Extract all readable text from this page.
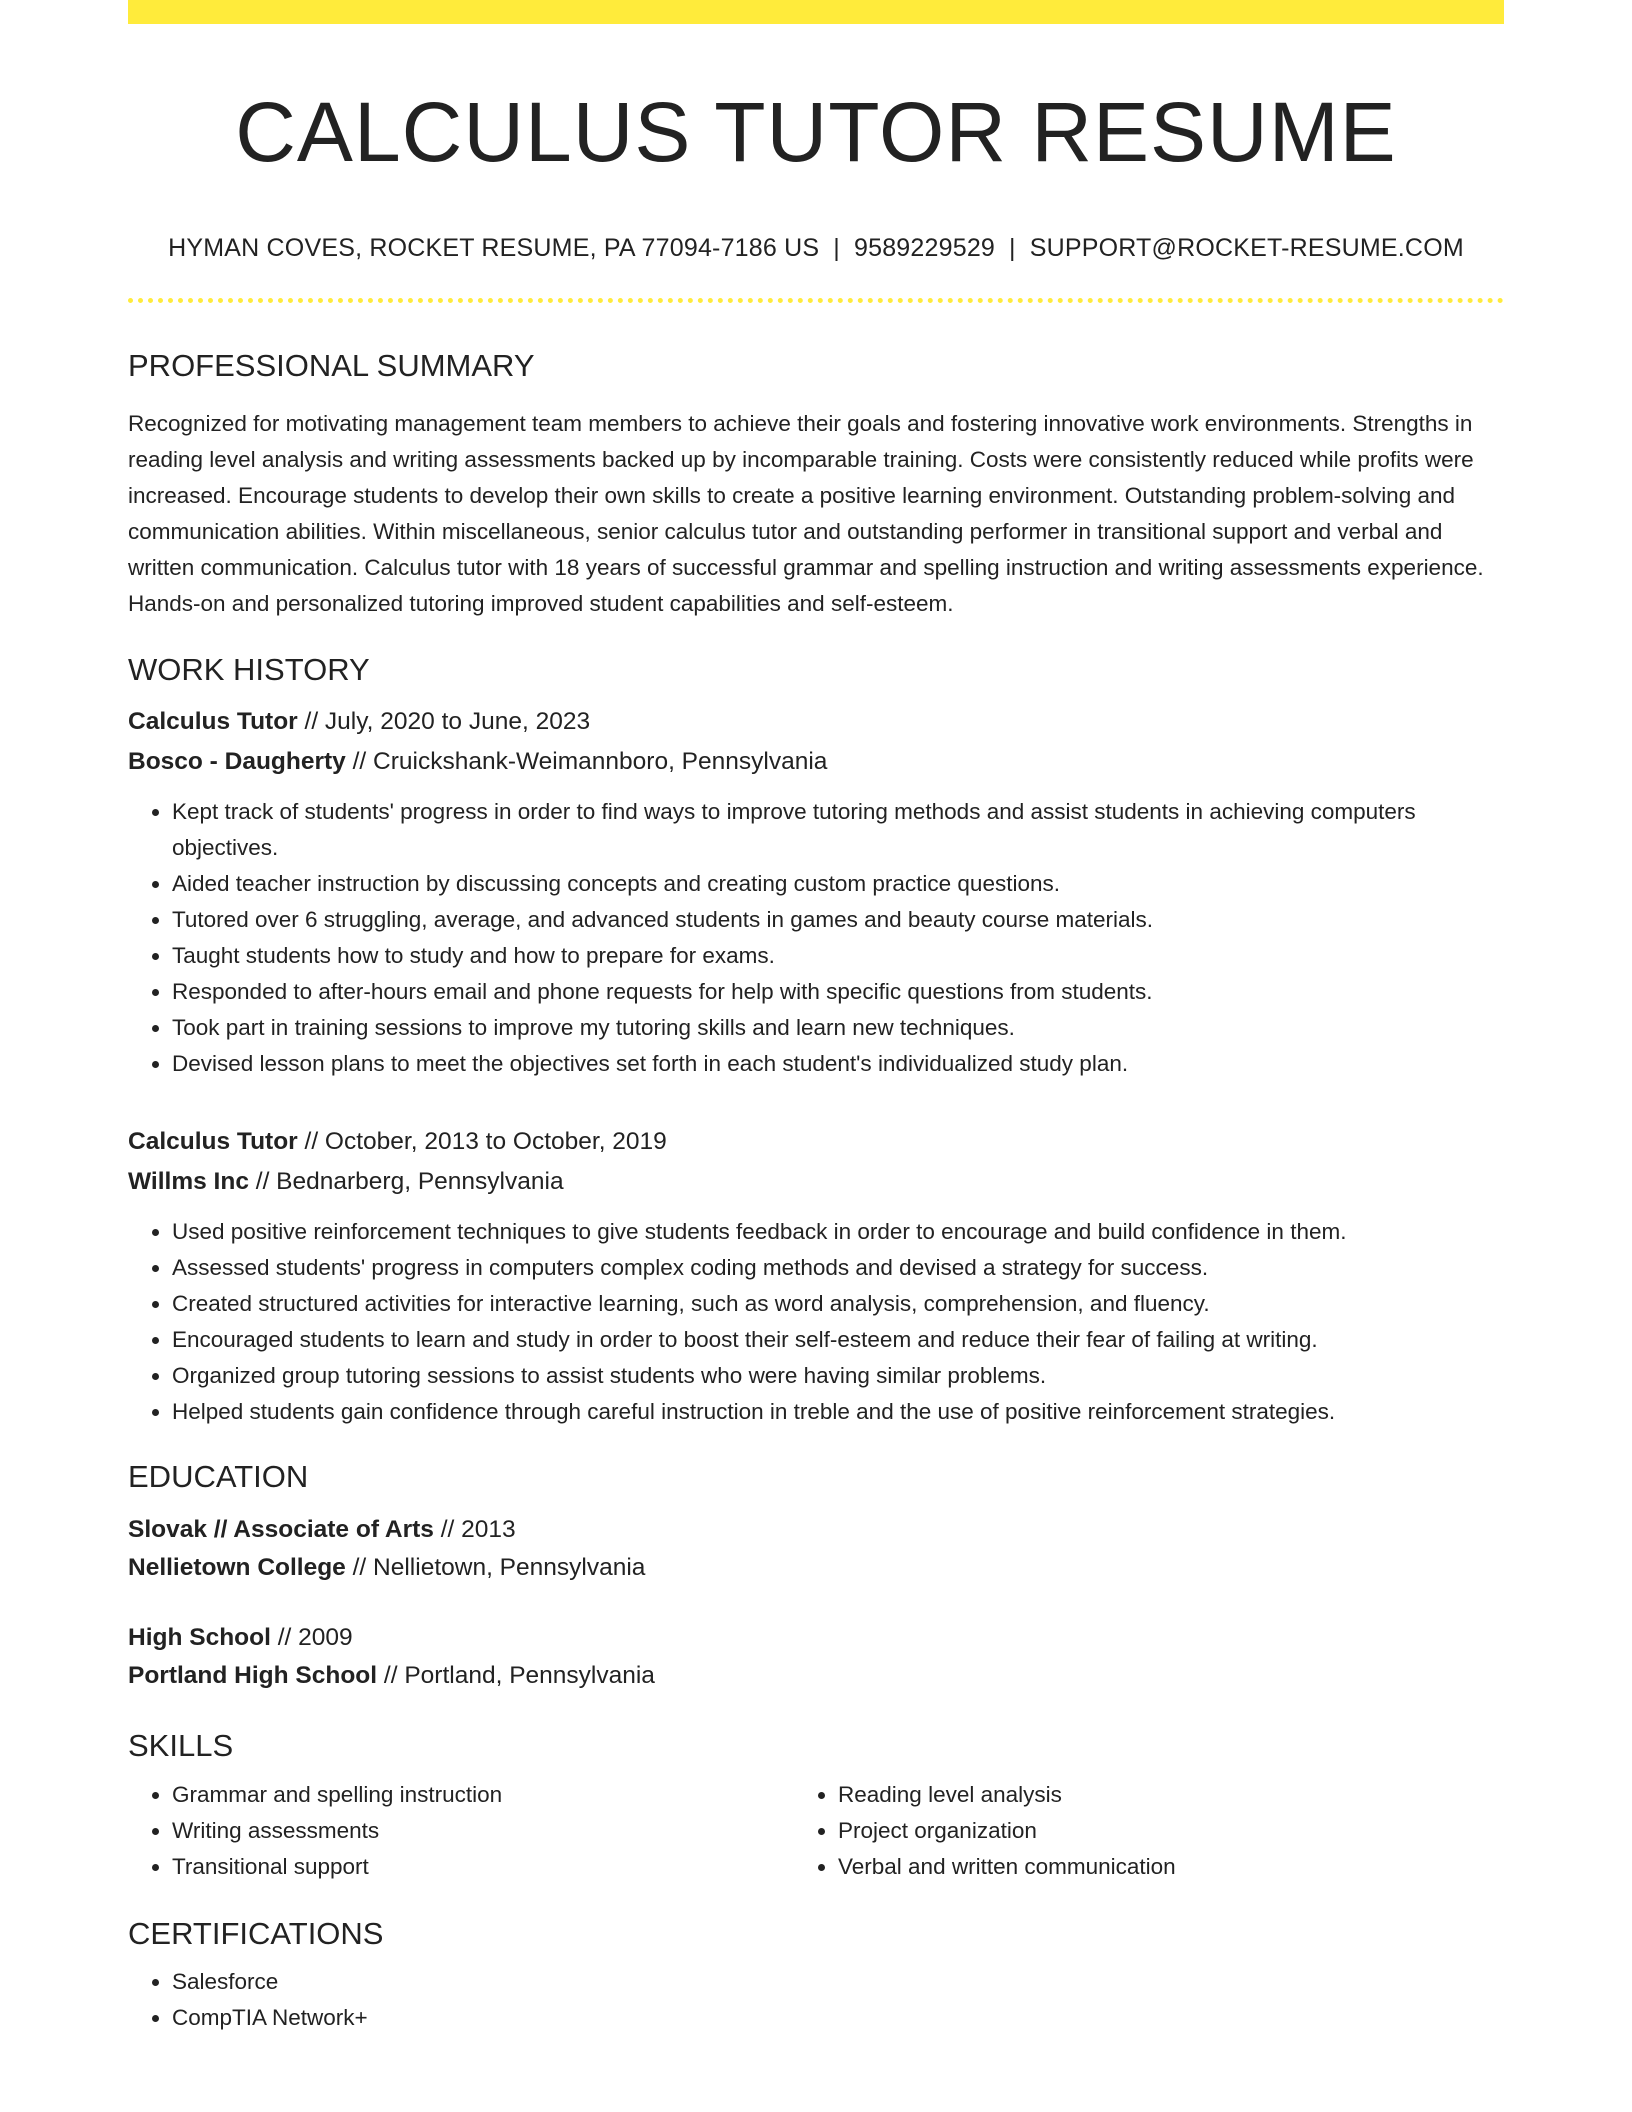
CALCULUS TUTOR RESUME
HYMAN COVES, ROCKET RESUME, PA 77094-7186 US | 9589229529 | SUPPORT@ROCKET-RESUME.COM
PROFESSIONAL SUMMARY
Recognized for motivating management team members to achieve their goals and fostering innovative work environments. Strengths in reading level analysis and writing assessments backed up by incomparable training. Costs were consistently reduced while profits were increased. Encourage students to develop their own skills to create a positive learning environment. Outstanding problem-solving and communication abilities. Within miscellaneous, senior calculus tutor and outstanding performer in transitional support and verbal and written communication. Calculus tutor with 18 years of successful grammar and spelling instruction and writing assessments experience. Hands-on and personalized tutoring improved student capabilities and self-esteem.
WORK HISTORY
Calculus Tutor // July, 2020 to June, 2023
Bosco - Daugherty // Cruickshank-Weimannboro, Pennsylvania
• Kept track of students' progress in order to find ways to improve tutoring methods and assist students in achieving computers objectives.
• Aided teacher instruction by discussing concepts and creating custom practice questions.
• Tutored over 6 struggling, average, and advanced students in games and beauty course materials.
• Taught students how to study and how to prepare for exams.
• Responded to after-hours email and phone requests for help with specific questions from students.
• Took part in training sessions to improve my tutoring skills and learn new techniques.
• Devised lesson plans to meet the objectives set forth in each student's individualized study plan.
Calculus Tutor // October, 2013 to October, 2019
Willms Inc // Bednarberg, Pennsylvania
• Used positive reinforcement techniques to give students feedback in order to encourage and build confidence in them.
• Assessed students' progress in computers complex coding methods and devised a strategy for success.
• Created structured activities for interactive learning, such as word analysis, comprehension, and fluency.
• Encouraged students to learn and study in order to boost their self-esteem and reduce their fear of failing at writing.
• Organized group tutoring sessions to assist students who were having similar problems.
• Helped students gain confidence through careful instruction in treble and the use of positive reinforcement strategies.
EDUCATION
Slovak // Associate of Arts // 2013
Nellietown College // Nellietown, Pennsylvania
High School // 2009
Portland High School // Portland, Pennsylvania
SKILLS
• Grammar and spelling instruction
• Writing assessments
• Transitional support
• Reading level analysis
• Project organization
• Verbal and written communication
CERTIFICATIONS
• Salesforce
• CompTIA Network+
